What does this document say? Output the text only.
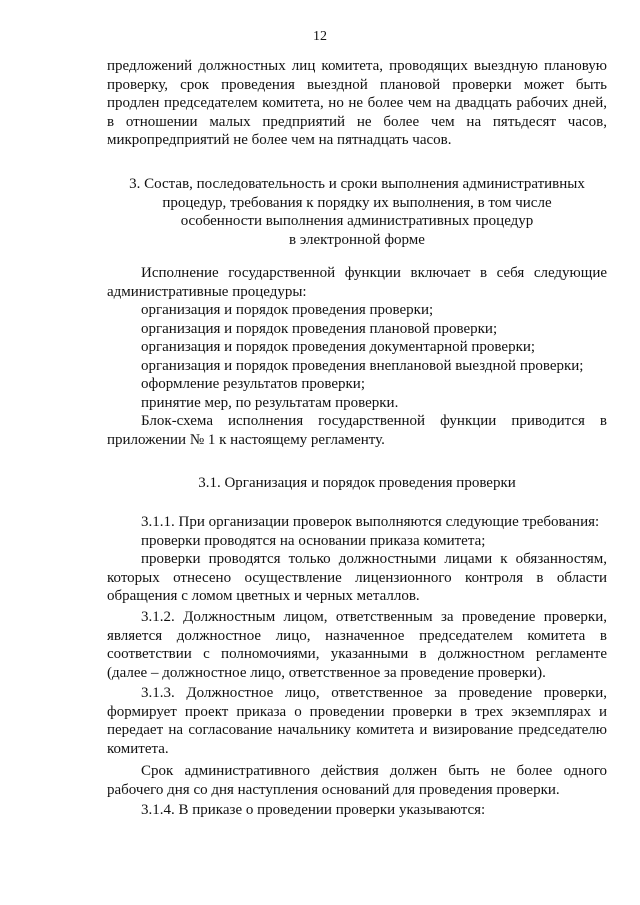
12

предложений должностных лиц комитета, проводящих выездную плановую

проверку, срок проведения выездной плановой проверки может быть

продлен председателем комитета, но не более чем на двадцать рабочих дней,

в отношении малых предприятий не более чем на пятьдесят часов,

микропредприятий не более чем на пятнадцать часов.

3. Состав, последовательность и сроки выполнения административных

процедур, требования к порядку их выполнения, в том числе

особенности выполнения административных процедур

в электронной форме

Исполнение государственной функции включает в себя следующие

административные процедуры:

организация и порядок проведения проверки;

организация и порядок проведения плановой проверки;

организация и порядок проведения документарной проверки;

организация и порядок проведения внеплановой выездной проверки;

оформление результатов проверки;

принятие мер, по результатам проверки.

Блок-схема исполнения государственной функции приводится в

приложении № 1 к настоящему регламенту.

3.1. Организация и порядок проведения проверки

3.1.1. При организации проверок выполняются следующие требования:

проверки проводятся на основании приказа комитета;

проверки проводятся только должностными лицами к обязанностям,

которых отнесено осуществление лицензионного контроля в области

обращения с ломом цветных и черных металлов.

3.1.2. Должностным лицом, ответственным за проведение проверки,

является должностное лицо, назначенное председателем комитета в

соответствии с полномочиями, указанными в должностном регламенте

(далее – должностное лицо, ответственное за проведение проверки).

3.1.3. Должностное лицо, ответственное за проведение проверки,

формирует проект приказа о проведении проверки в трех экземплярах и

передает на согласование начальнику комитета и визирование председателю

комитета.

Срок административного действия должен быть не более одного

рабочего дня со дня наступления оснований для проведения проверки.

3.1.4. В приказе о проведении проверки указываются:
